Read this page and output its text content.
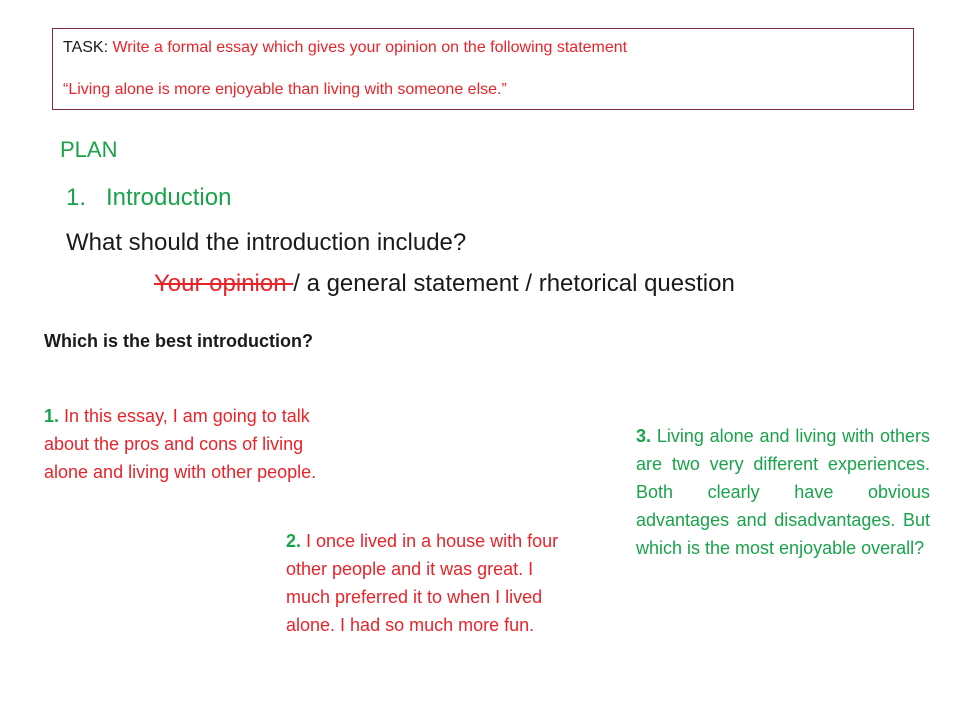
TASK: Write a formal essay which gives your opinion on the following statement
“Living alone is more enjoyable than living with someone else.”
PLAN
1. Introduction
What should the introduction include?
Your opinion / a general statement / rhetorical question
Which is the best introduction?
1. In this essay, I am going to talk about the pros and cons of living alone and living with other people.
2. I once lived in a house with four other people and it was great. I much preferred it to when I lived alone. I had so much more fun.
3. Living alone and living with others are two very different experiences. Both clearly have obvious advantages and disadvantages. But which is the most enjoyable overall?
